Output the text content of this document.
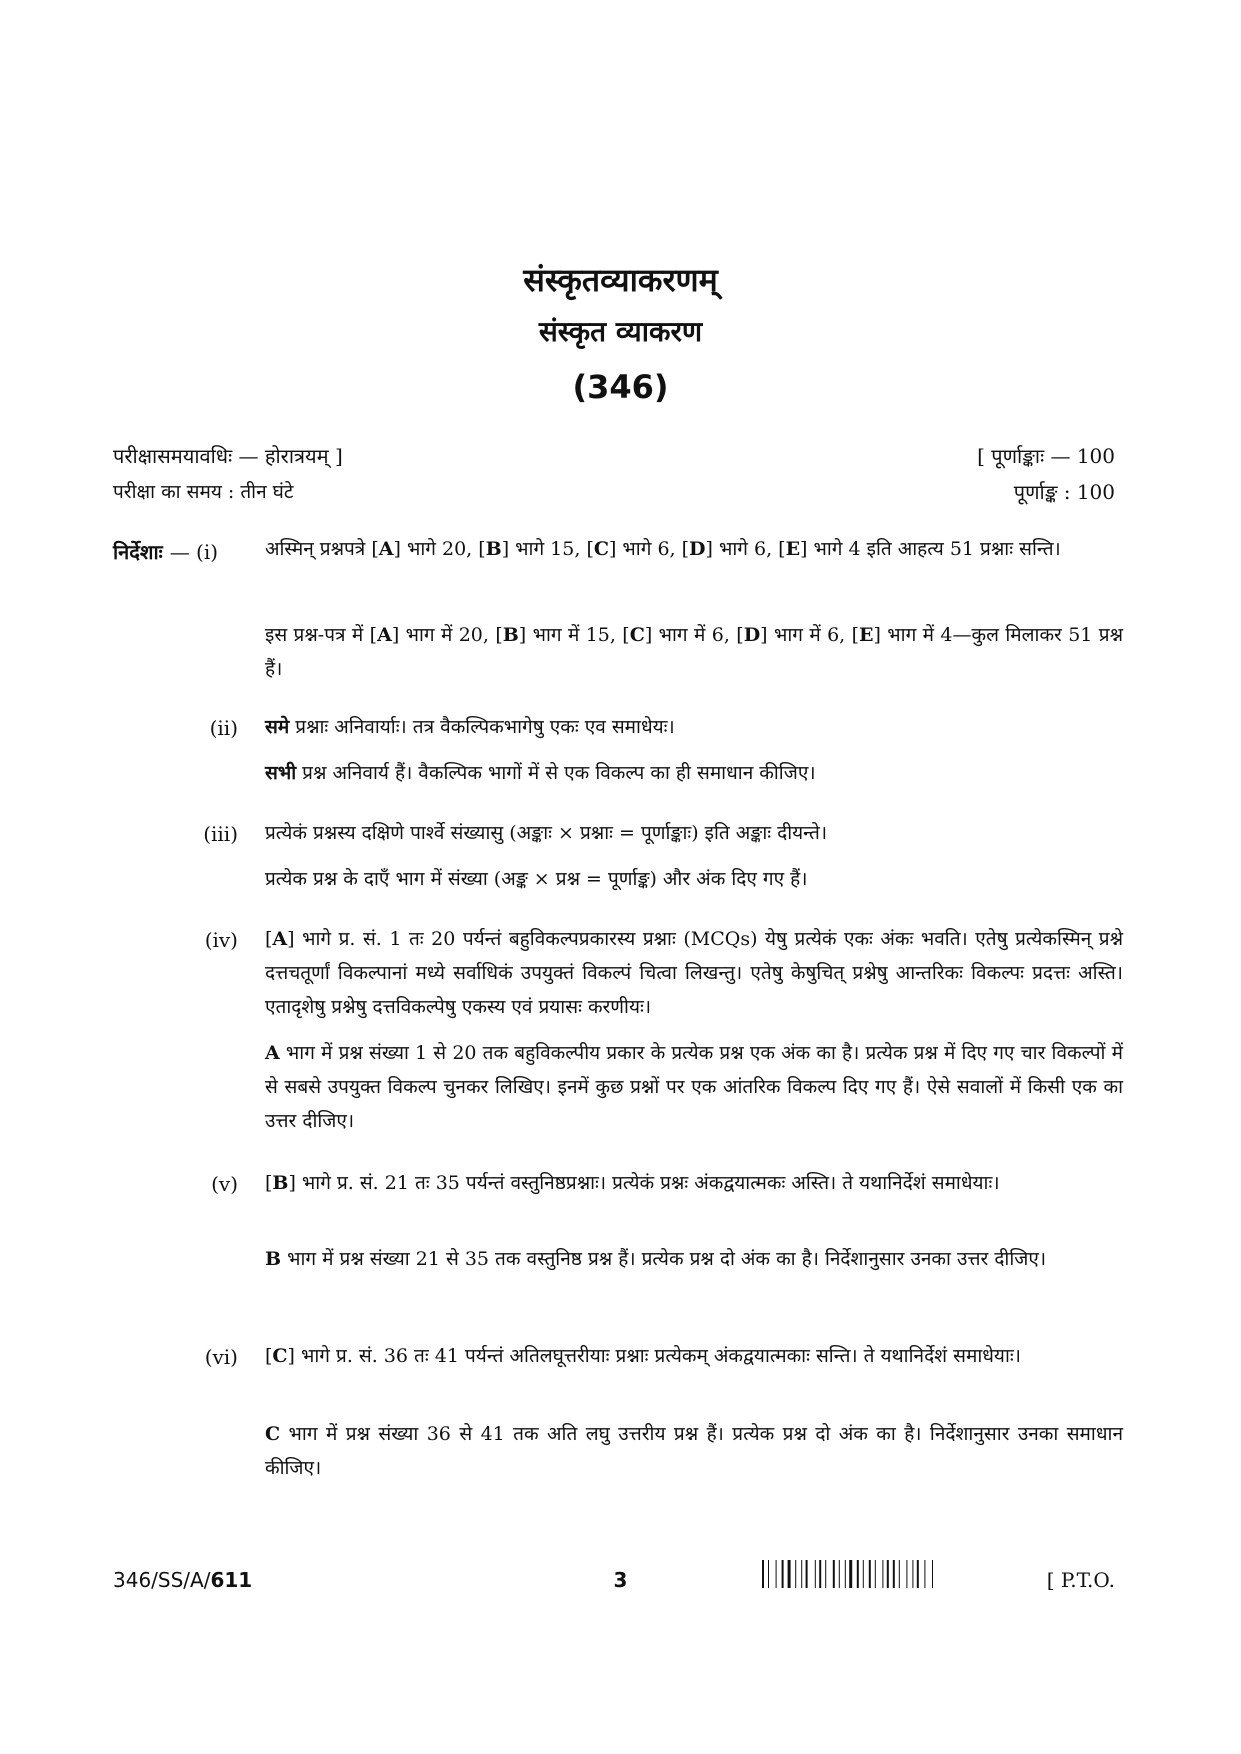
संस्कृतव्याकरणम्
संस्कृत व्याकरण
(346)
परीक्षासमयावधिः — होरात्रयम् ]
परीक्षा का समय : तीन घंटे
[ पूर्णाङ्काः — 100
पूर्णाङ्क : 100
निर्देशाः — (i) अस्मिन् प्रश्नपत्रे [A] भागे 20, [B] भागे 15, [C] भागे 6, [D] भागे 6, [E] भागे 4 इति आहत्य 51 प्रश्नाः सन्ति।

इस प्रश्न-पत्र में [A] भाग में 20, [B] भाग में 15, [C] भाग में 6, [D] भाग में 6, [E] भाग में 4—कुल मिलाकर 51 प्रश्न हैं।

(ii) समे प्रश्नाः अनिवार्याः। तत्र वैकल्पिकभागेषु एकः एव समाधेयः।

सभी प्रश्न अनिवार्य हैं। वैकल्पिक भागों में से एक विकल्प का ही समाधान कीजिए।

(iii) प्रत्येकं प्रश्नस्य दक्षिणे पार्श्वे संख्यासु (अङ्काः × प्रश्नाः = पूर्णाङ्काः) इति अङ्काः दीयन्ते।

प्रत्येक प्रश्न के दाएँ भाग में संख्या (अङ्क × प्रश्न = पूर्णाङ्क) और अंक दिए गए हैं।

(iv) [A] भागे प्र. सं. 1 तः 20 पर्यन्तं बहुविकल्पप्रकारस्य प्रश्नाः (MCQs) येषु प्रत्येकं एकः अंकः भवति। एतेषु प्रत्येकस्मिन् प्रश्ने दत्तचतूर्णां विकल्पानां मध्ये सर्वाधिकं उपयुक्तं विकल्पं चित्वा लिखन्तु। एतेषु केषुचित् प्रश्नेषु आन्तरिकः विकल्पः प्रदत्तः अस्ति। एतादृशेषु प्रश्नेषु दत्तविकल्पेषु एकस्य एवं प्रयासः करणीयः।

A भाग में प्रश्न संख्या 1 से 20 तक बहुविकल्पीय प्रकार के प्रत्येक प्रश्न एक अंक का है। प्रत्येक प्रश्न में दिए गए चार विकल्पों में से सबसे उपयुक्त विकल्प चुनकर लिखिए। इनमें कुछ प्रश्नों पर एक आंतरिक विकल्प दिए गए हैं। ऐसे सवालों में किसी एक का उत्तर दीजिए।

(v) [B] भागे प्र. सं. 21 तः 35 पर्यन्तं वस्तुनिष्ठप्रश्नाः। प्रत्येकं प्रश्नः अंकद्वयात्मकः अस्ति। ते यथानिर्देशं समाधेयाः।

B भाग में प्रश्न संख्या 21 से 35 तक वस्तुनिष्ठ प्रश्न हैं। प्रत्येक प्रश्न दो अंक का है। निर्देशानुसार उनका उत्तर दीजिए।

(vi) [C] भागे प्र. सं. 36 तः 41 पर्यन्तं अतिलघूत्तरीयाः प्रश्नाः प्रत्येकम् अंकद्वयात्मकाः सन्ति। ते यथानिर्देशं समाधेयाः।

C भाग में प्रश्न संख्या 36 से 41 तक अति लघु उत्तरीय प्रश्न हैं। प्रत्येक प्रश्न दो अंक का है। निर्देशानुसार उनका समाधान कीजिए।

346/SS/A/611	3	[ P.T.O.
